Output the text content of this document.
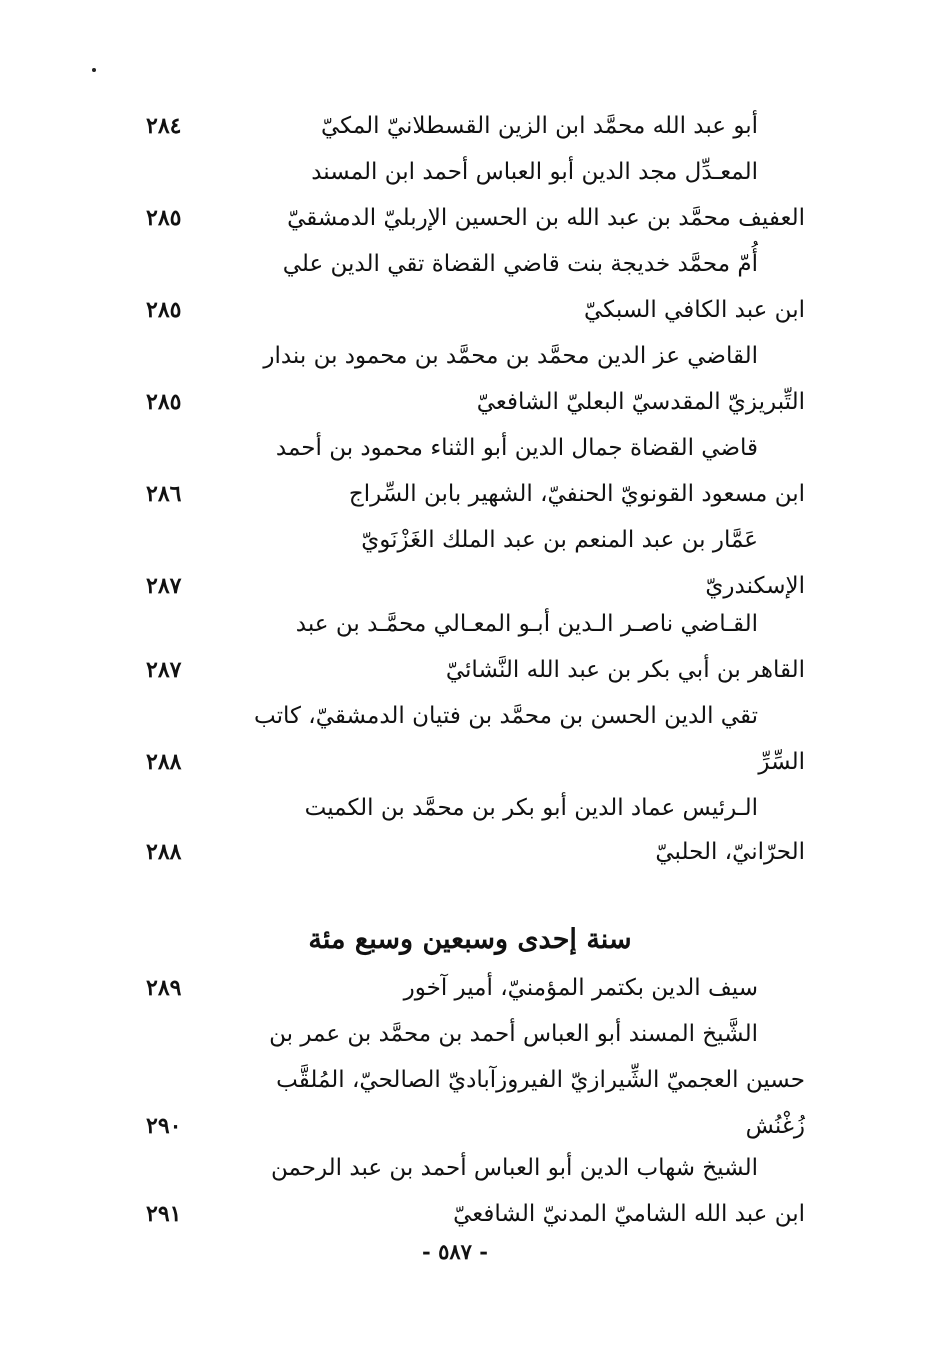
أبو عبد الله محمَّد ابن الزين القسطلانيّ المكيّ
٢٨٤
المعـدِّل مجد الدين أبو العباس أحمد ابن المسند
العفيف محمَّد بن عبد الله بن الحسين الإربليّ الدمشقيّ
٢٨٥
أُمّ محمَّد خديجة بنت قاضي القضاة تقي الدين علي
ابن عبد الكافي السبكيّ
٢٨٥
القاضي عز الدين محمَّد بن محمَّد بن محمود بن بندار
التِّبريزيّ المقدسيّ البعليّ الشافعيّ
٢٨٥
قاضي القضاة جمال الدين أبو الثناء محمود بن أحمد
ابن مسعود القونويّ الحنفيّ، الشهير بابن السِّراج
٢٨٦
عَمَّار بن عبد المنعم بن عبد الملك الغَزْنَويّ
الإسكندريّ
٢٨٧
القـاضي ناصـر الـدين أبـو المعـالي محمَّـد بن عبد
القاهر بن أبي بكر بن عبد الله النَّشائيّ
٢٨٧
تقي الدين الحسن بن محمَّد بن فتيان الدمشقيّ، كاتب
السِّرِّ
٢٨٨
الـرئيس عماد الدين أبو بكر بن محمَّد بن الكميت
الحرّانيّ، الحلبيّ
٢٨٨
سنة إحدى وسبعين وسبع مئة
سيف الدين بكتمر المؤمنيّ، أمير آخور
٢٨٩
الشَّيخ المسند أبو العباس أحمد بن محمَّد بن عمر بن
حسين العجميّ الشِّيرازيّ الفيروزآباديّ الصالحيّ، المُلقَّب
زُغْنُش
٢٩٠
الشيخ شهاب الدين أبو العباس أحمد بن عبد الرحمن
ابن عبد الله الشاميّ المدنيّ الشافعيّ
٢٩١
- ٥٨٧ -
